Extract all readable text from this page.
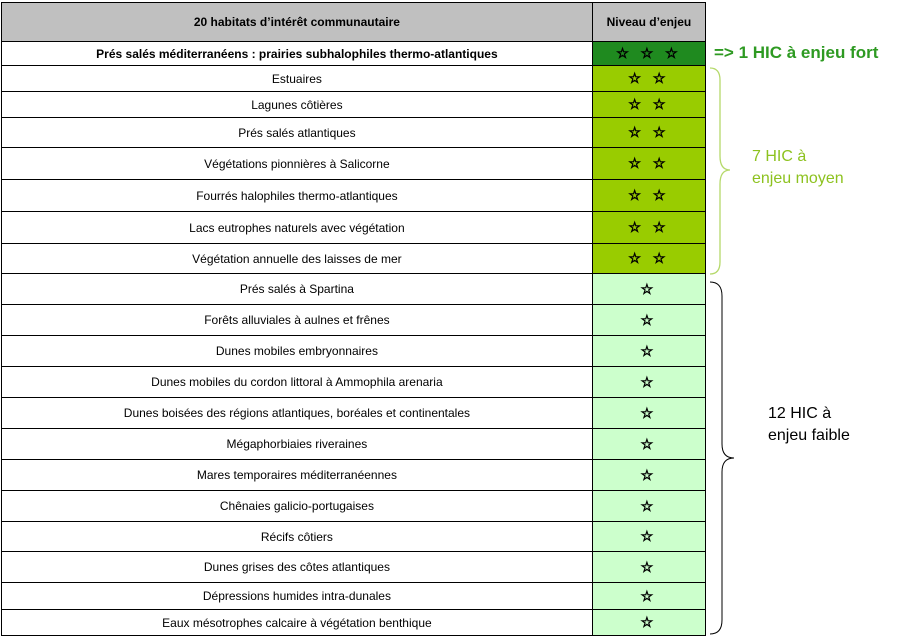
20 habitats d’intérêt communautaire	Niveau d’enjeu
Prés salés méditerranéens : prairies subhalophiles thermo-atlantiques	☆ ☆ ☆
Estuaires	☆ ☆
Lagunes côtières	☆ ☆
Prés salés atlantiques	☆ ☆
Végétations pionnières à Salicorne	☆ ☆
Fourrés halophiles thermo-atlantiques	☆ ☆
Lacs eutrophes naturels avec végétation	☆ ☆
Végétation annuelle des laisses de mer	☆ ☆
Prés salés à Spartina	☆
Forêts alluviales à aulnes et frênes	☆
Dunes mobiles embryonnaires	☆
Dunes mobiles du cordon littoral à Ammophila arenaria	☆
Dunes boisées des régions atlantiques, boréales et continentales	☆
Mégaphorbiaies riveraines	☆
Mares temporaires méditerranéennes	☆
Chênaies galicio-portugaises	☆
Récifs côtiers	☆
Dunes grises des côtes atlantiques	☆
Dépressions humides intra-dunales	☆
Eaux mésotrophes calcaire à végétation benthique	☆
=> 1 HIC à enjeu fort
7 HIC à
enjeu moyen
12 HIC à
enjeu faible
